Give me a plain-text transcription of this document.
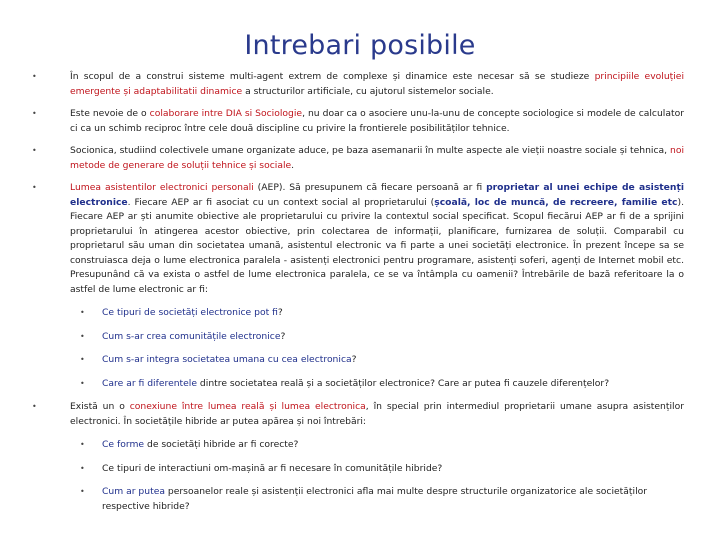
Intrebari posibile
•	În scopul de a construi sisteme multi-agent extrem de complexe și dinamice este necesar să se studieze principiile evoluției emergente și adaptabilitatii dinamice a structurilor artificiale, cu ajutorul sistemelor sociale.
•	Este nevoie de o colaborare intre DIA si Sociologie, nu doar ca o asociere unu-la-unu de concepte sociologice si modele de calculator ci ca un schimb reciproc între cele două discipline cu privire la frontierele posibilităților tehnice.
•	Socionica, studiind colectivele umane organizate aduce, pe baza asemanarii în multe aspecte ale vieții noastre sociale și tehnica, noi metode de generare de soluții tehnice și sociale.
•	Lumea asistentilor electronici personali (AEP). Să presupunem că fiecare persoană ar fi proprietar al unei echipe de asistenți electronice. Fiecare AEP ar fi asociat cu un context social al proprietarului (școală, loc de muncă, de recreere, familie etc). Fiecare AEP ar ști anumite obiective ale proprietarului cu privire la contextul social specificat. Scopul fiecărui AEP ar fi de a sprijini proprietarului în atingerea acestor obiective, prin colectarea de informații, planificare, furnizarea de soluții. Comparabil cu proprietarul său uman din societatea umană, asistentul electronic va fi parte a unei societăți electronice. În prezent începe sa se construiasca deja o lume electronica paralela - asistenți electronici pentru programare, asistenți soferi, agenți de Internet mobil etc. Presupunând că va exista o astfel de lume electronica paralela, ce se va întâmpla cu oamenii? Întrebările de bază referitoare la o astfel de lume electronic ar fi:
• Ce tipuri de societăți electronice pot fi?
• Cum s-ar crea comunitățile electronice?
• Cum s-ar integra societatea umana cu cea electronica?
• Care ar fi diferentele dintre societatea reală și a societăților electronice? Care ar putea fi cauzele diferențelor?
•	Există un o conexiune între lumea reală și lumea electronica, în special prin intermediul proprietarii umane asupra asistenților electronici. În societățile hibride ar putea apărea și noi întrebări:
• Ce forme de societăți hibride ar fi corecte?
• Ce tipuri de interactiuni om-mașină ar fi necesare în comunitățile hibride?
• Cum ar putea persoanelor reale și asistenții electronici afla mai multe despre structurile organizatorice ale societăților respective hibride?
